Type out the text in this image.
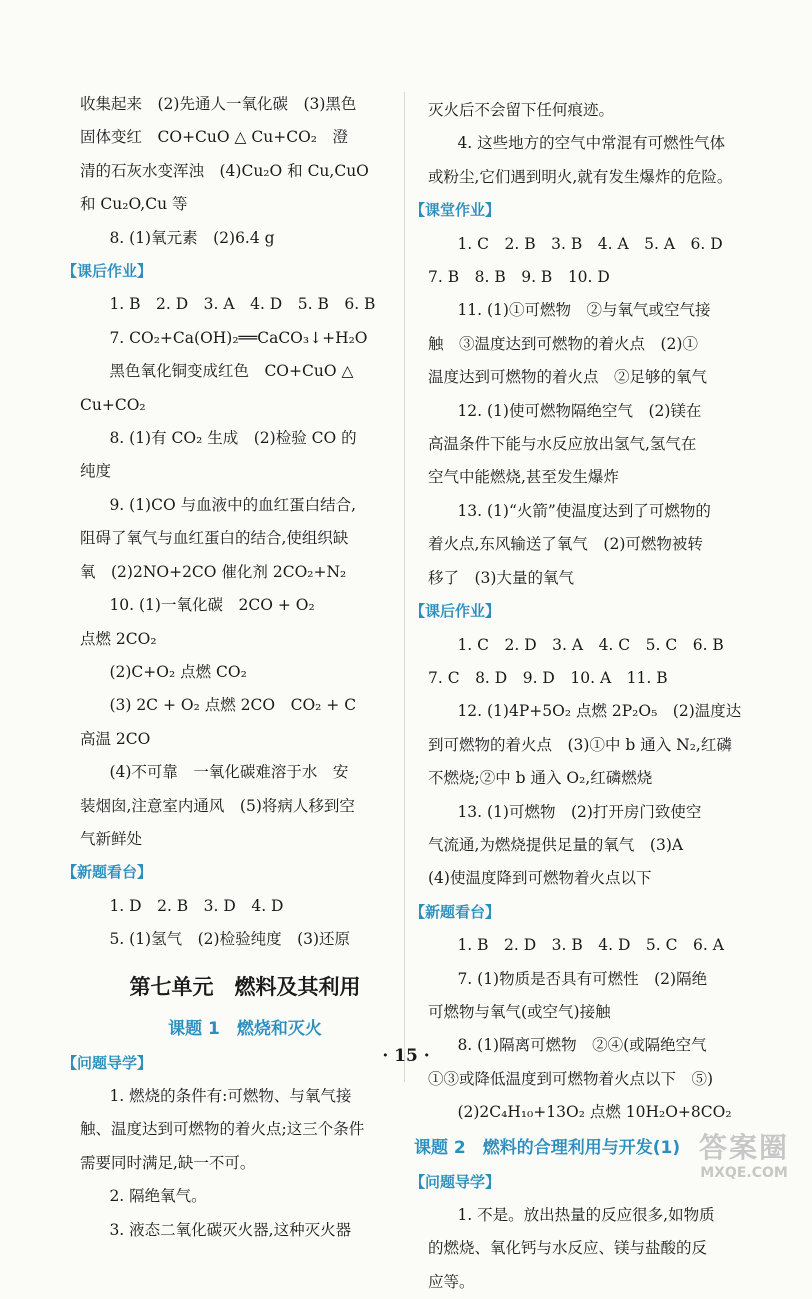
收集起来　(2)先通人一氧化碳　(3)黑色

固体变红　CO+CuO △ Cu+CO₂　澄

清的石灰水变浑浊　(4)Cu₂O 和 Cu,CuO

和 Cu₂O,Cu 等

8. (1)氧元素　(2)6.4 g

【课后作业】

1. B　2. D　3. A　4. D　5. B　6. B

7. CO₂+Ca(OH)₂══CaCO₃↓+H₂O

黑色氧化铜变成红色　CO+CuO △

Cu+CO₂

8. (1)有 CO₂ 生成　(2)检验 CO 的

纯度

9. (1)CO 与血液中的血红蛋白结合,

阻碍了氧气与血红蛋白的结合,使组织缺

氧　(2)2NO+2CO 催化剂 2CO₂+N₂

10. (1)一氧化碳　2CO + O₂

点燃 2CO₂

(2)C+O₂ 点燃 CO₂

(3) 2C + O₂ 点燃 2CO　CO₂ + C

高温 2CO

(4)不可靠　一氧化碳难溶于水　安

装烟囱,注意室内通风　(5)将病人移到空

气新鲜处

【新题看台】

1. D　2. B　3. D　4. D

5. (1)氢气　(2)检验纯度　(3)还原

第七单元　燃料及其利用

课题 1　燃烧和灭火

【问题导学】

1. 燃烧的条件有:可燃物、与氧气接

触、温度达到可燃物的着火点;这三个条件

需要同时满足,缺一不可。

2. 隔绝氧气。

3. 液态二氧化碳灭火器,这种灭火器

灭火后不会留下任何痕迹。

4. 这些地方的空气中常混有可燃性气体

或粉尘,它们遇到明火,就有发生爆炸的危险。

【课堂作业】

1. C　2. B　3. B　4. A　5. A　6. D

7. B　8. B　9. B　10. D

11. (1)①可燃物　②与氧气或空气接

触　③温度达到可燃物的着火点　(2)①

温度达到可燃物的着火点　②足够的氧气

12. (1)使可燃物隔绝空气　(2)镁在

高温条件下能与水反应放出氢气,氢气在

空气中能燃烧,甚至发生爆炸

13. (1)“火箭”使温度达到了可燃物的

着火点,东风输送了氧气　(2)可燃物被转

移了　(3)大量的氧气

【课后作业】

1. C　2. D　3. A　4. C　5. C　6. B

7. C　8. D　9. D　10. A　11. B

12. (1)4P+5O₂ 点燃 2P₂O₅　(2)温度达

到可燃物的着火点　(3)①中 b 通入 N₂,红磷

不燃烧;②中 b 通入 O₂,红磷燃烧

13. (1)可燃物　(2)打开房门致使空

气流通,为燃烧提供足量的氧气　(3)A

(4)使温度降到可燃物着火点以下

【新题看台】

1. B　2. D　3. B　4. D　5. C　6. A

7. (1)物质是否具有可燃性　(2)隔绝

可燃物与氧气(或空气)接触

8. (1)隔离可燃物　②④(或隔绝空气

①③或降低温度到可燃物着火点以下　⑤)

(2)2C₄H₁₀+13O₂ 点燃 10H₂O+8CO₂

课题 2　燃料的合理利用与开发(1)

【问题导学】

1. 不是。放出热量的反应很多,如物质

的燃烧、氧化钙与水反应、镁与盐酸的反

应等。

· 15 ·
答案圈
MXQE.COM
